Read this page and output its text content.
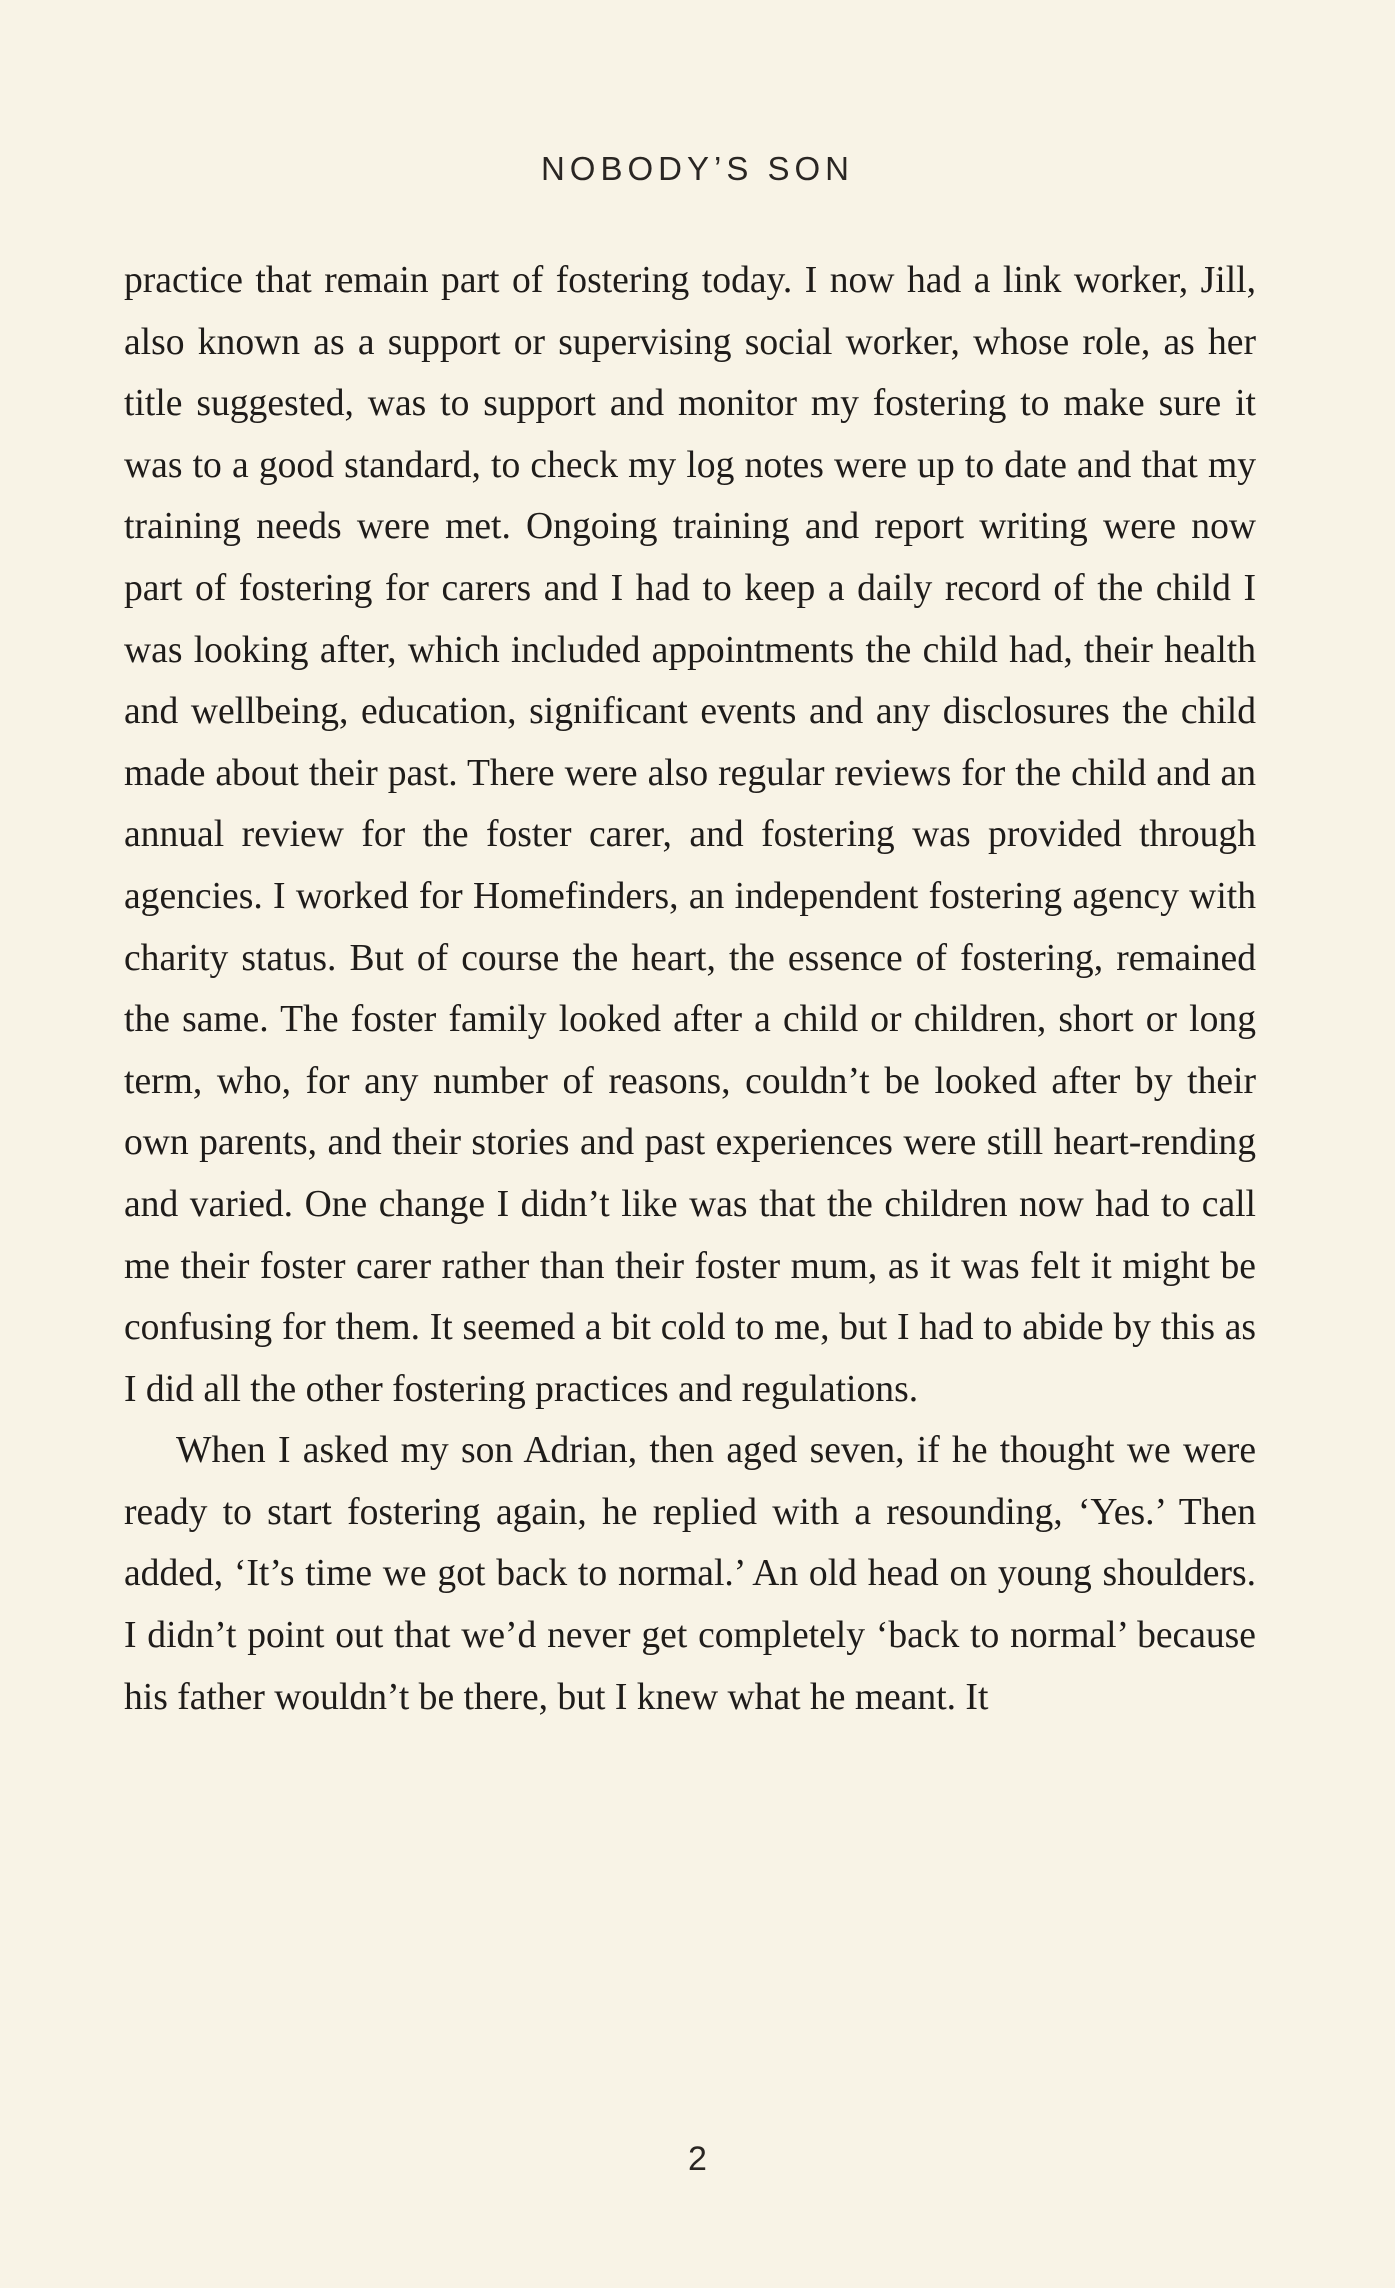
NOBODY’S SON

practice that remain part of fostering today. I now had a link worker, Jill, also known as a support or supervising social worker, whose role, as her title suggested, was to support and monitor my fostering to make sure it was to a good standard, to check my log notes were up to date and that my training needs were met. Ongoing training and report writing were now part of fostering for carers and I had to keep a daily record of the child I was looking after, which included appointments the child had, their health and wellbeing, education, significant events and any disclosures the child made about their past. There were also regular reviews for the child and an annual review for the foster carer, and fostering was provided through agencies. I worked for Homefinders, an independent fostering agency with charity status. But of course the heart, the essence of fostering, remained the same. The foster family looked after a child or children, short or long term, who, for any number of reasons, couldn’t be looked after by their own parents, and their stories and past experiences were still heart-rending and varied. One change I didn’t like was that the children now had to call me their foster carer rather than their foster mum, as it was felt it might be confusing for them. It seemed a bit cold to me, but I had to abide by this as I did all the other fostering practices and regulations.

When I asked my son Adrian, then aged seven, if he thought we were ready to start fostering again, he replied with a resounding, ‘Yes.’ Then added, ‘It’s time we got back to normal.’ An old head on young shoulders. I didn’t point out that we’d never get completely ‘back to normal’ because his father wouldn’t be there, but I knew what he meant. It

2
